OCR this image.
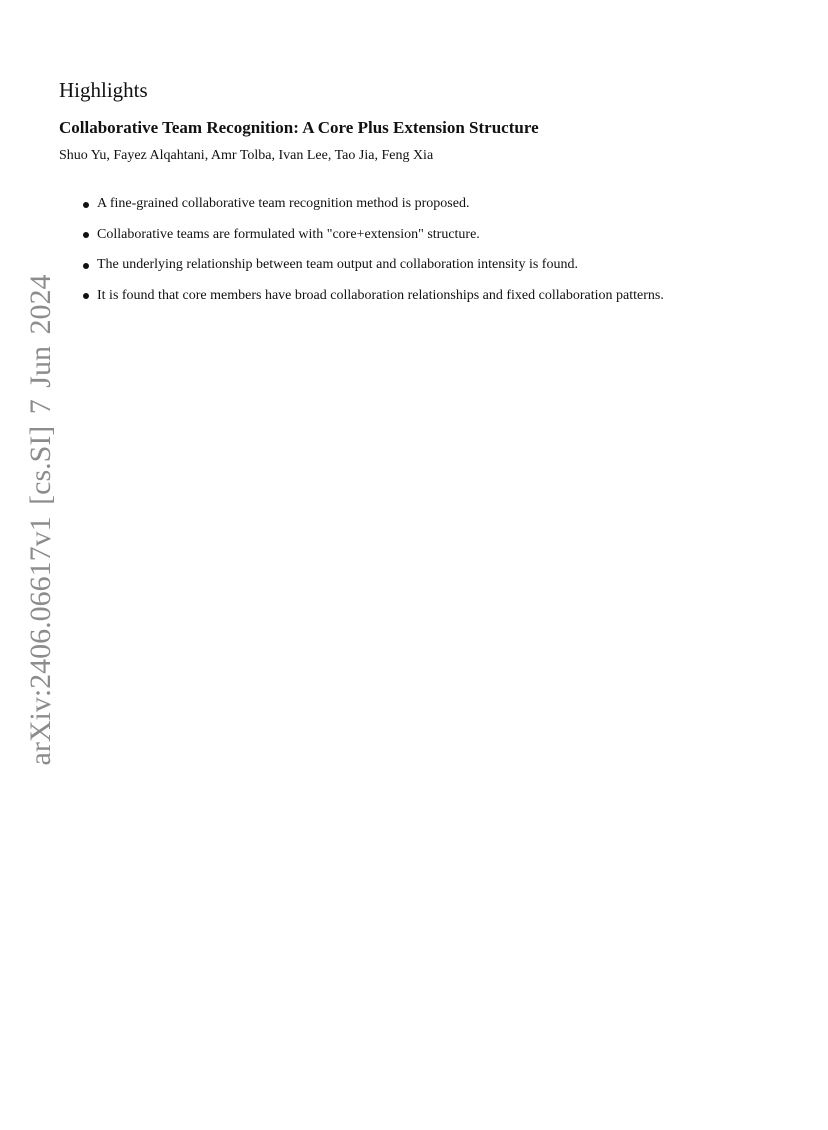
Highlights
Collaborative Team Recognition: A Core Plus Extension Structure
Shuo Yu, Fayez Alqahtani, Amr Tolba, Ivan Lee, Tao Jia, Feng Xia
A fine-grained collaborative team recognition method is proposed.
Collaborative teams are formulated with "core+extension" structure.
The underlying relationship between team output and collaboration intensity is found.
It is found that core members have broad collaboration relationships and fixed collaboration patterns.
arXiv:2406.06617v1 [cs.SI] 7 Jun 2024
